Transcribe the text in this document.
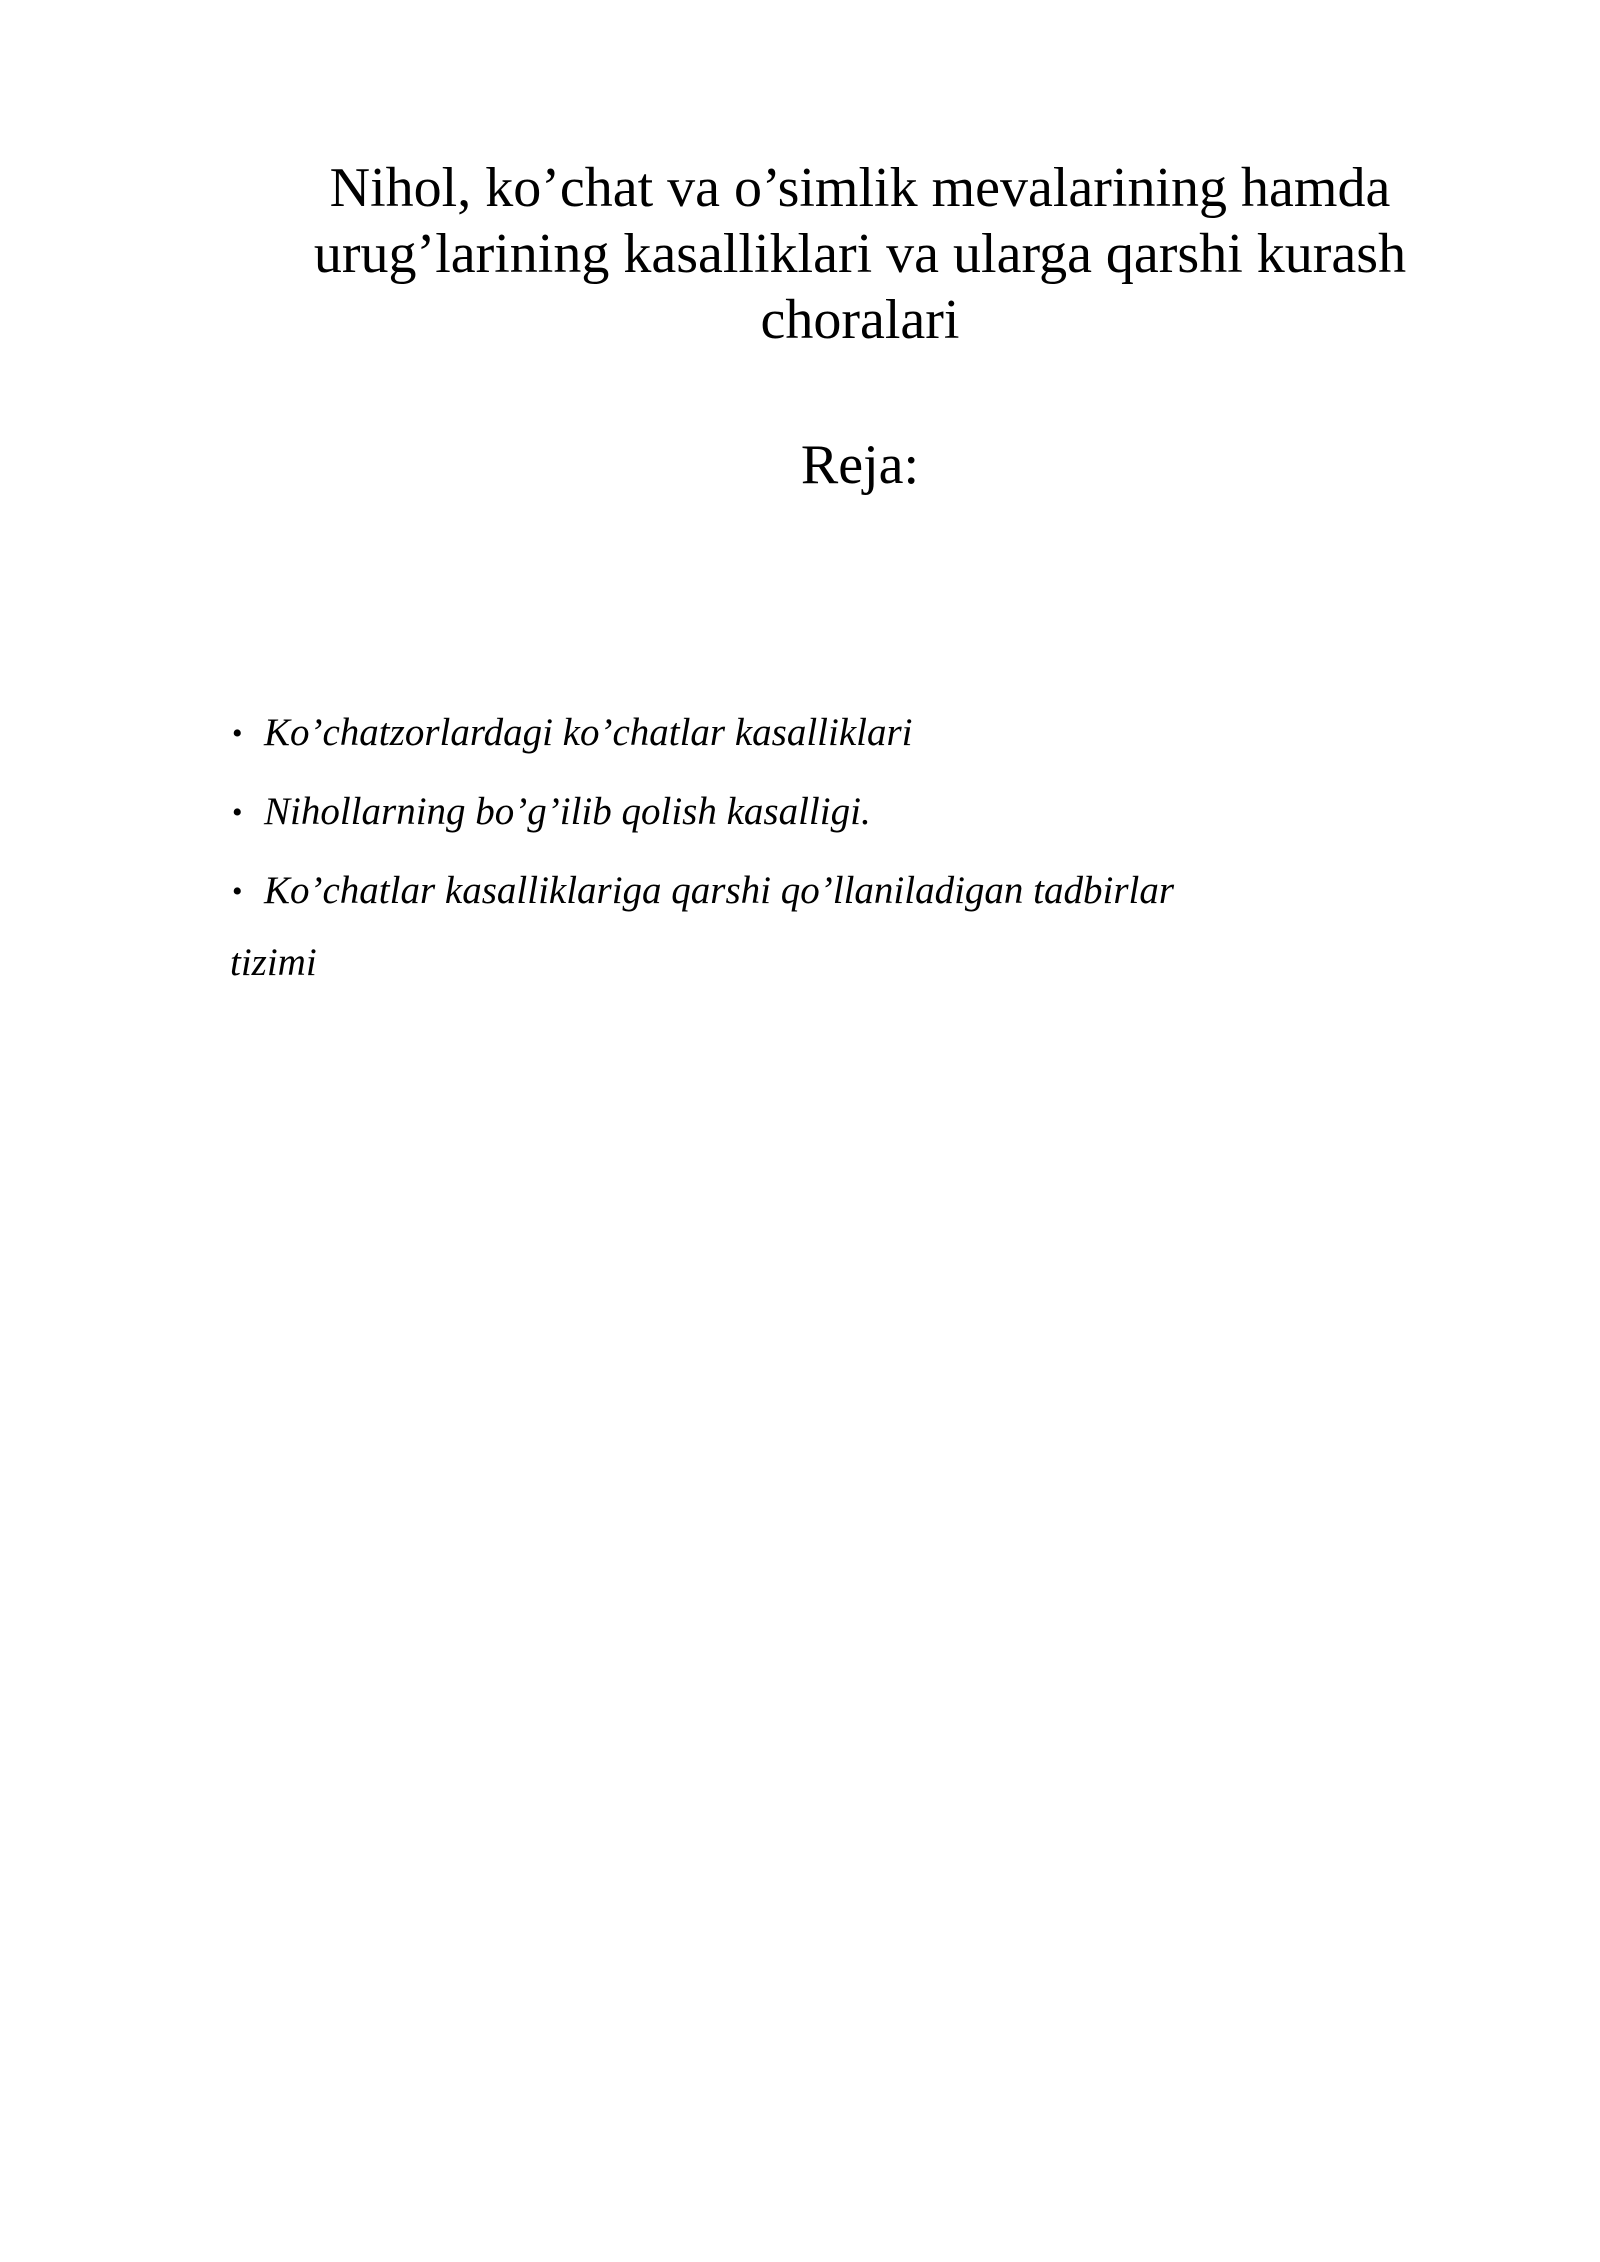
Nihol, ko’chat va o’simlik mevalarining hamda
urug’larining kasalliklari va ularga qarshi kurash
choralari
Reja:
• Ko’chatzorlardagi ko’chatlar kasalliklari
• Nihollarning bo’g’ilib qolish kasalligi.
• Ko’chatlar kasalliklariga qarshi qo’llaniladigan tadbirlar
tizimi
